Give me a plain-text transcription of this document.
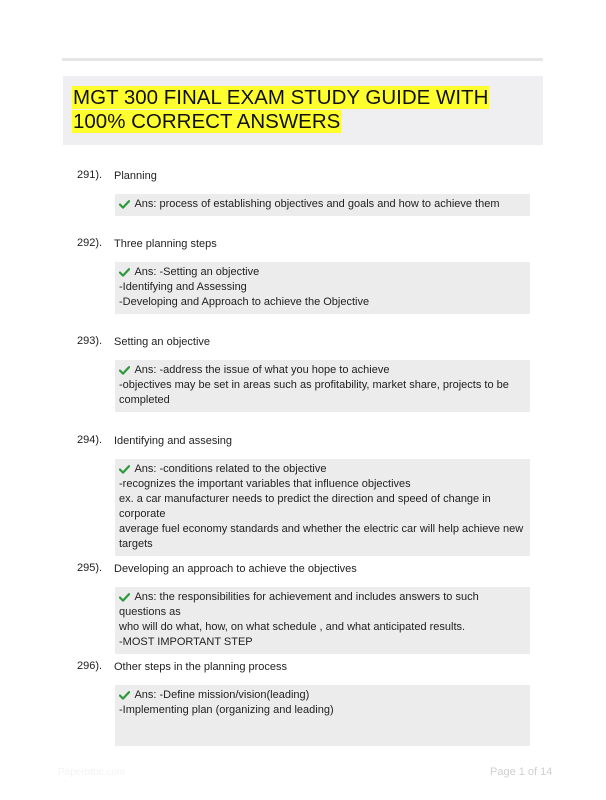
MGT 300 FINAL EXAM STUDY GUIDE WITH
100% CORRECT ANSWERS
291). Planning
Ans: process of establishing objectives and goals and how to achieve them
292). Three planning steps
Ans: -Setting an objective
-Identifying and Assessing
-Developing and Approach to achieve the Objective
293). Setting an objective
Ans: -address the issue of what you hope to achieve
-objectives may be set in areas such as profitability, market share, projects to be
completed
294). Identifying and assesing
Ans: -conditions related to the objective
-recognizes the important variables that influence objectives
ex. a car manufacturer needs to predict the direction and speed of change in corporate
average fuel economy standards and whether the electric car will help achieve new
targets
295). Developing an approach to achieve the objectives
Ans: the responsibilities for achievement and includes answers to such questions as
who will do what, how, on what schedule , and what anticipated results.
-MOST IMPORTANT STEP
296). Other steps in the planning process
Ans: -Define mission/vision(leading)
-Implementing plan (organizing and leading)
Paperbtbc.com	Page 1 of 14
